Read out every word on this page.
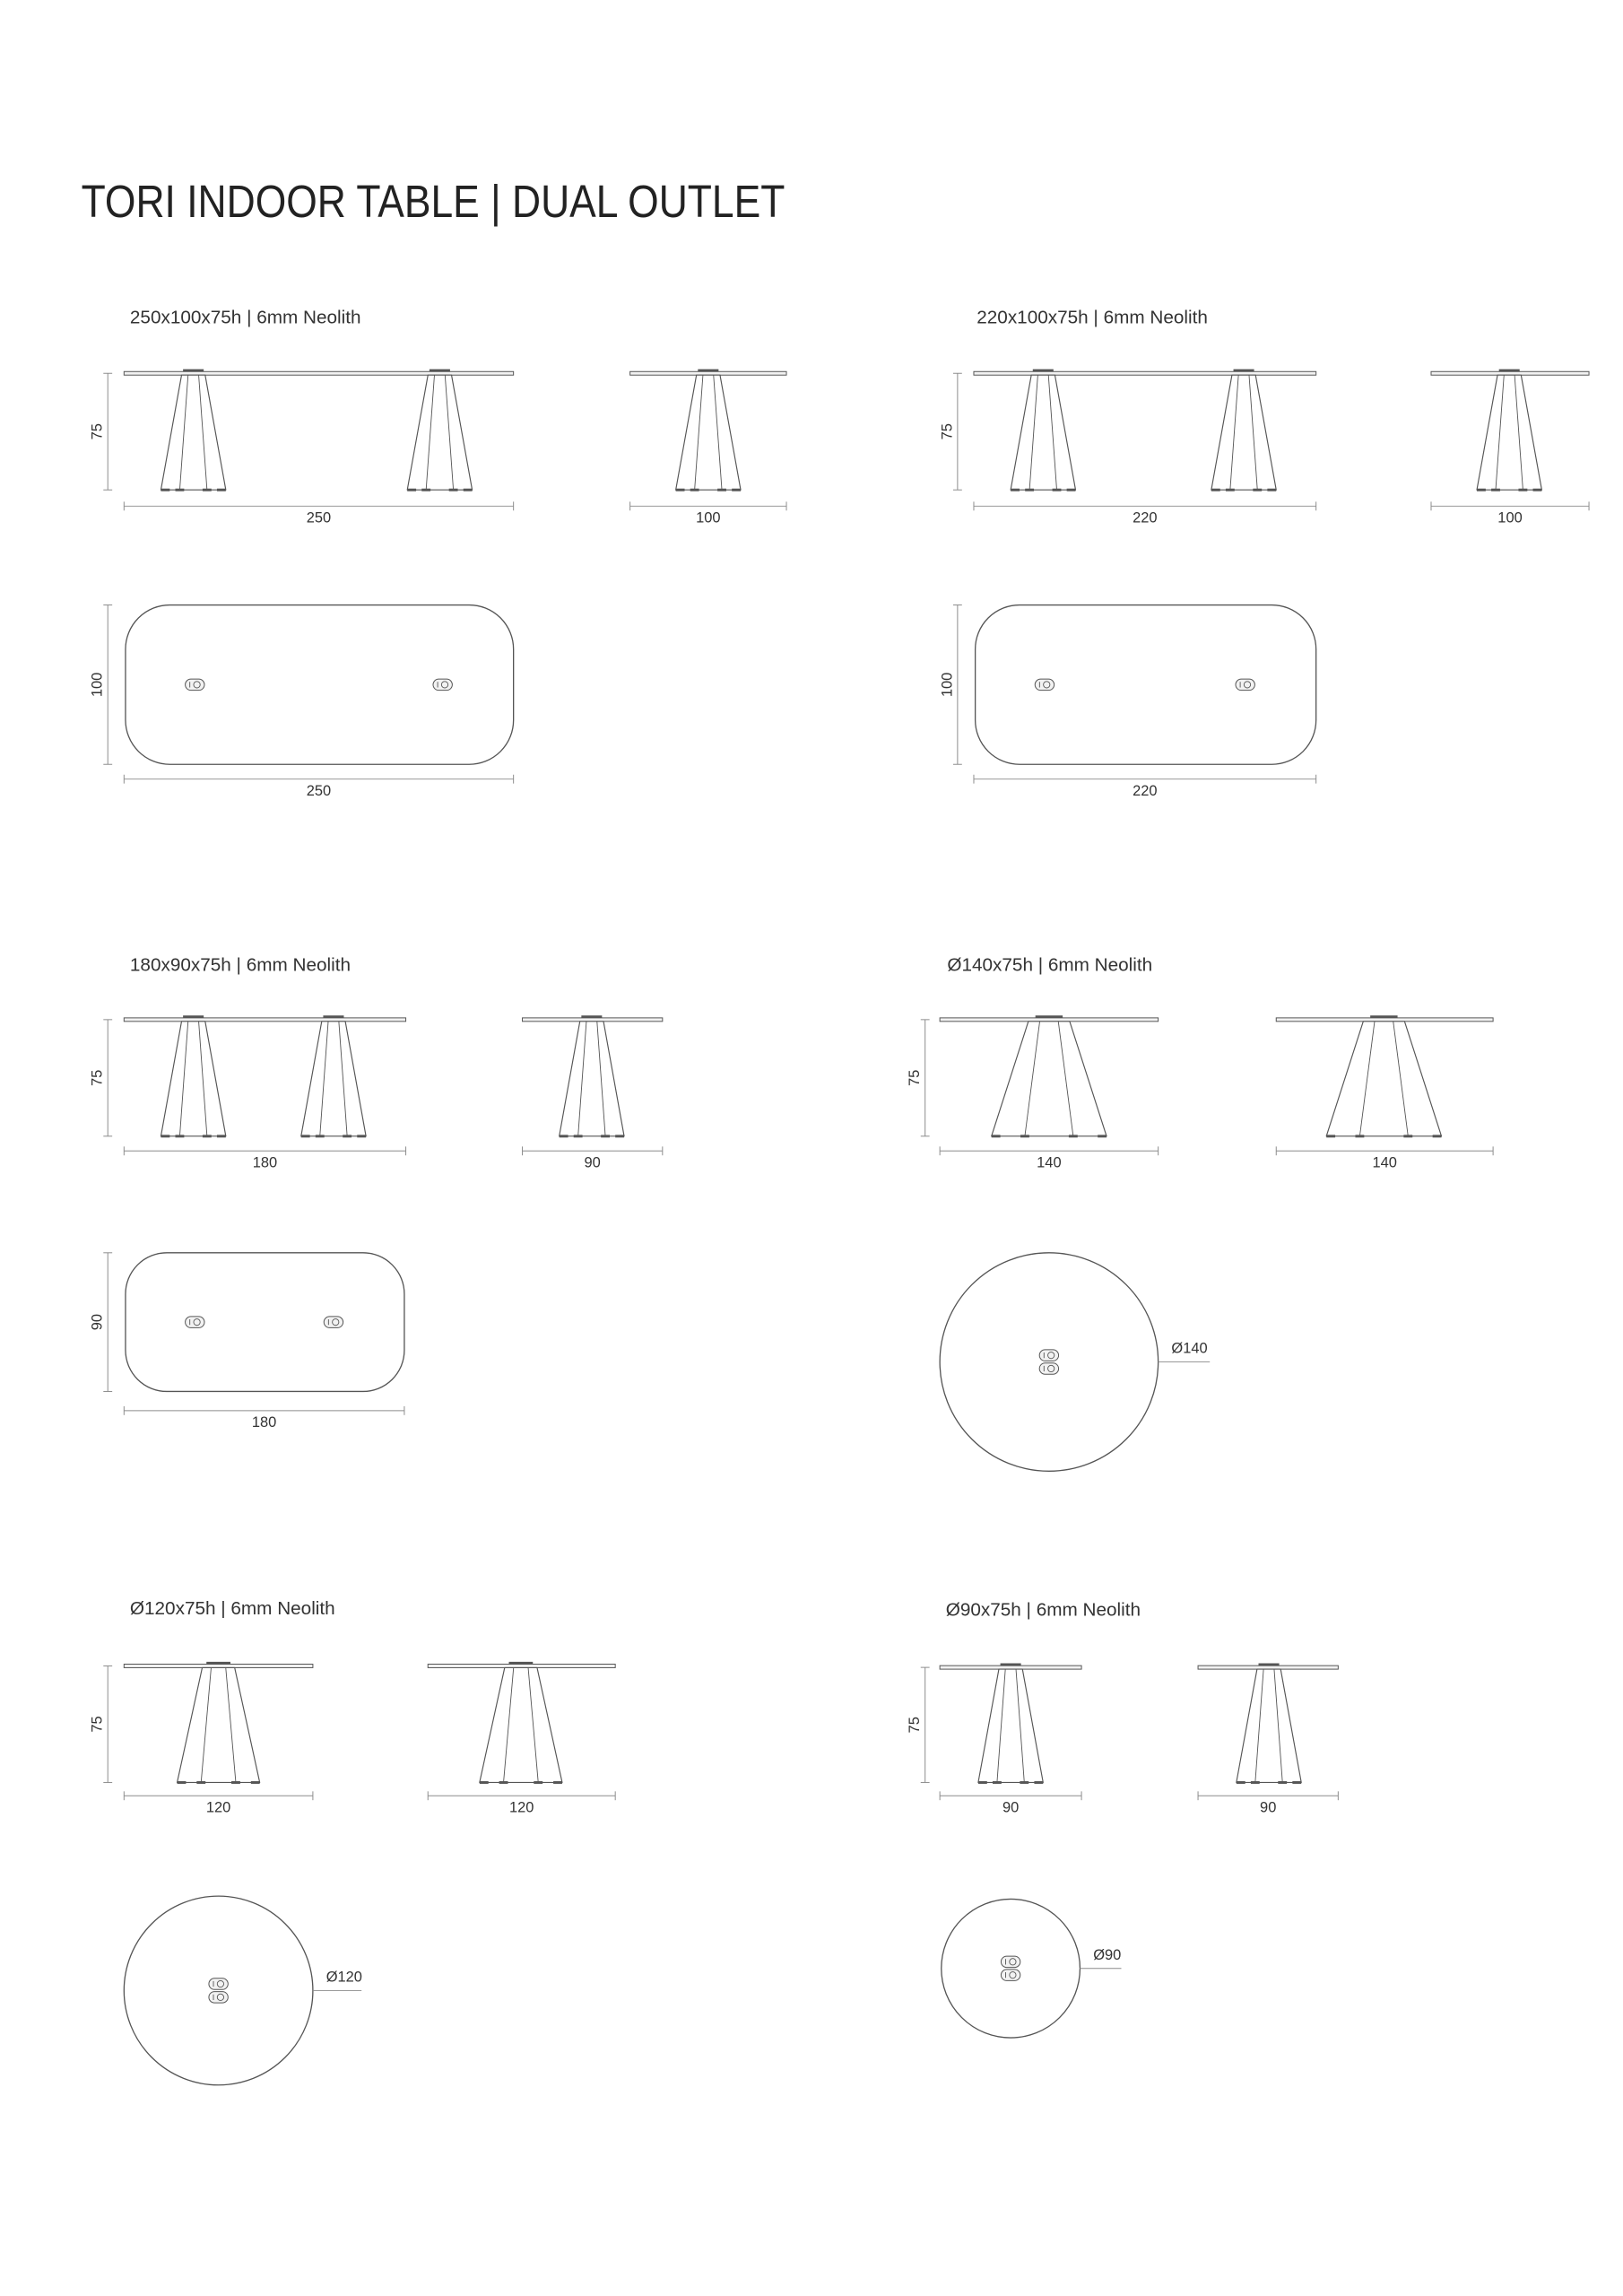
TORI INDOOR TABLE | DUAL OUTLET
250x100x75h | 6mm Neolith
75
250	100
100
250
220x100x75h | 6mm Neolith
75
220	100
100
220
180x90x75h | 6mm Neolith
75
180	90
90
180
Ø140x75h | 6mm Neolith
75
140	140
Ø140
Ø120x75h | 6mm Neolith
75
120	120
Ø120
Ø90x75h | 6mm Neolith
75
90	90
Ø90
